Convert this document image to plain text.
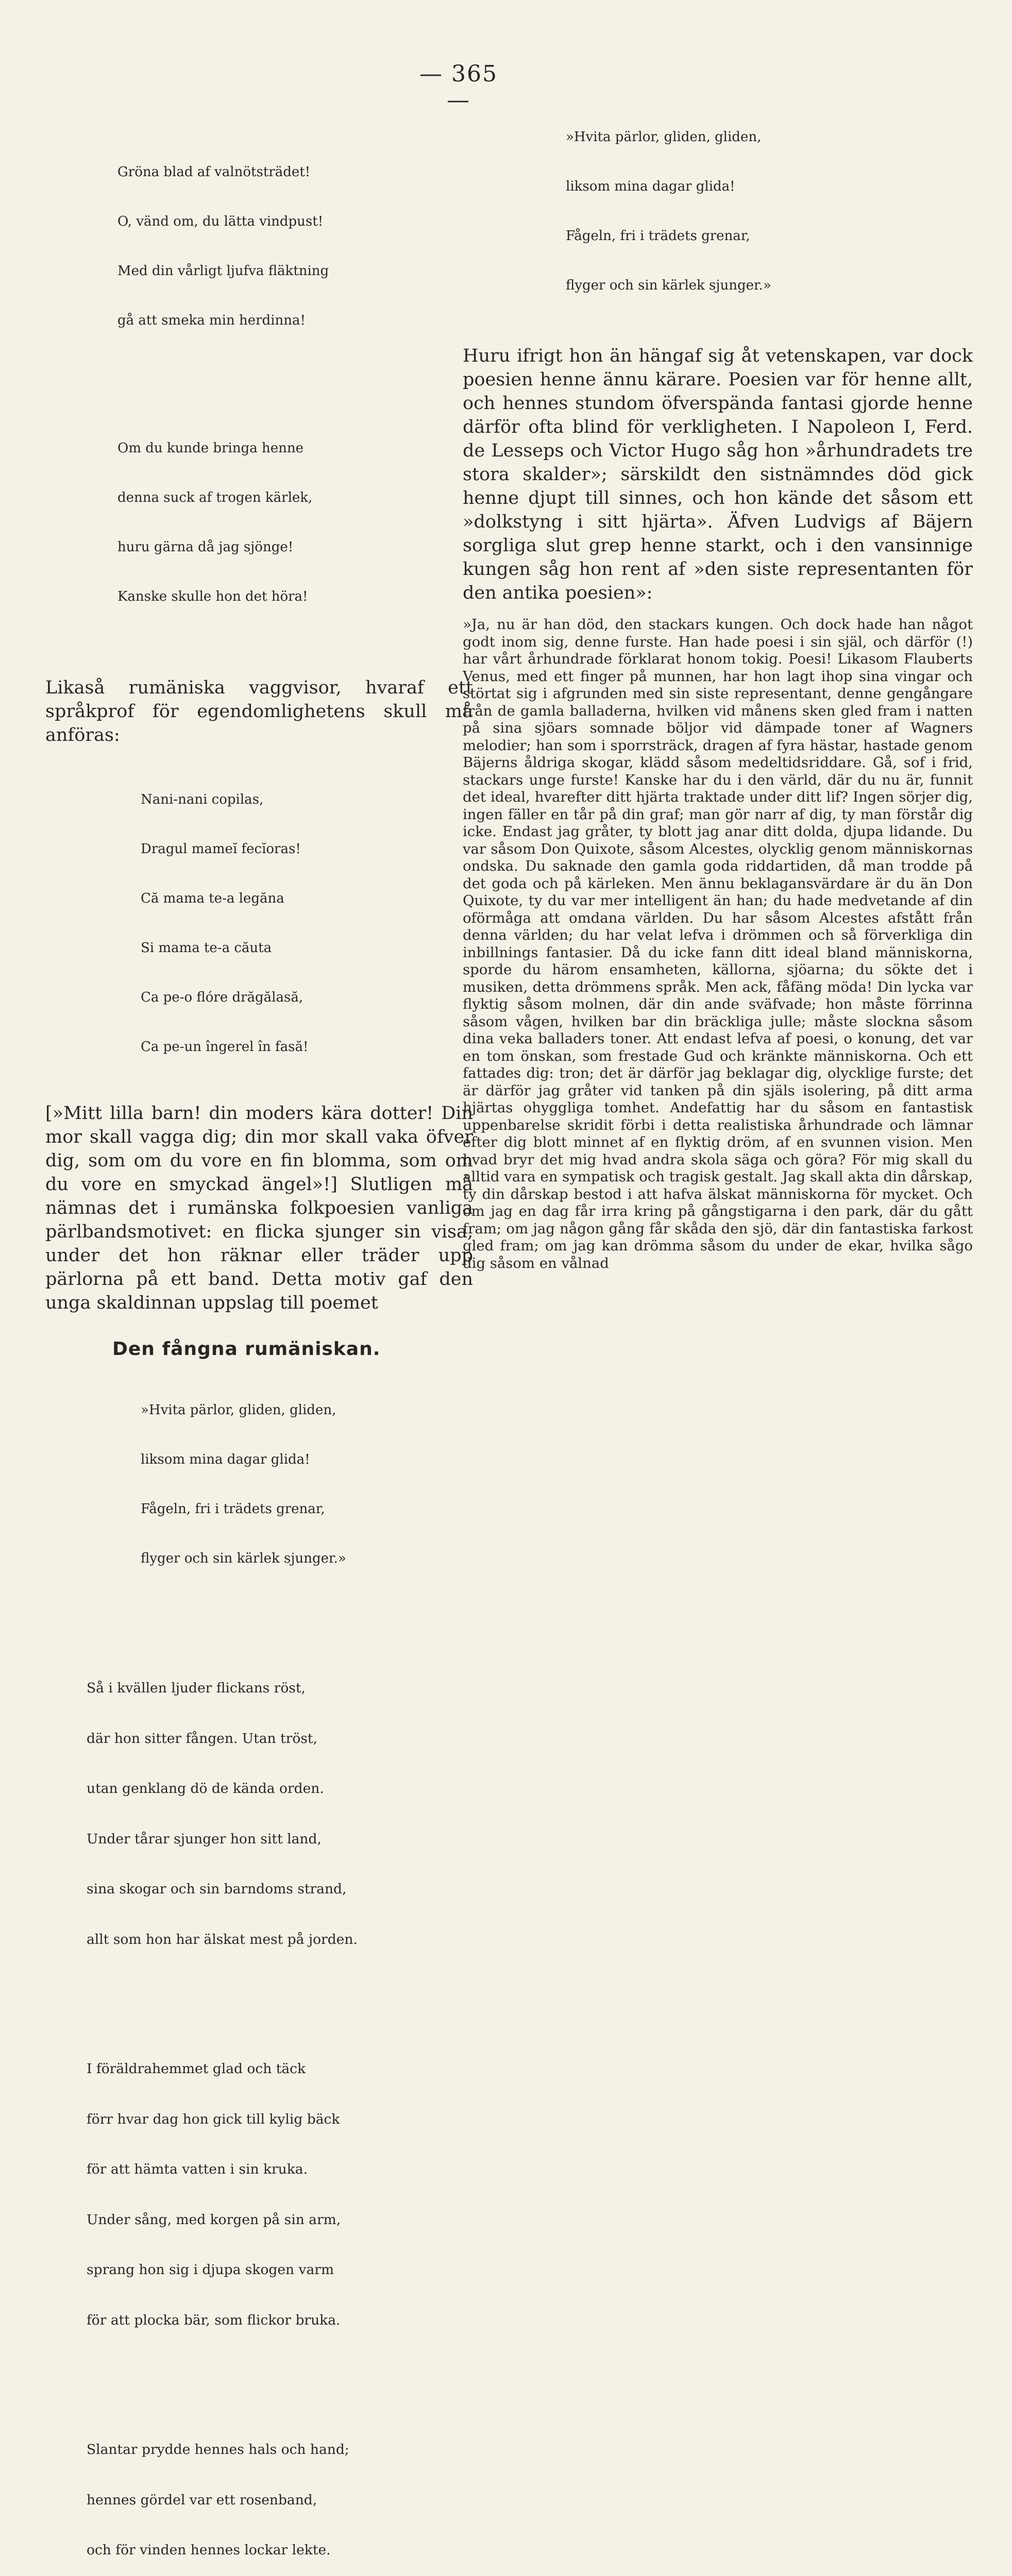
— 365 —

Gröna blad af valnötsträdet!

O, vänd om, du lätta vindpust!

Med din vårligt ljufva fläktning

gå att smeka min herdinna!

Om du kunde bringa henne

denna suck af trogen kärlek,

huru gärna då jag sjönge!

Kanske skulle hon det höra!

Likaså rumäniska vaggvisor, hvaraf ett språkprof för egendomlighetens skull må anföras:

Nani-nani copilas,

Dragul mameĭ fecĭoras!

Că mama te-a legăna

Si mama te-a căuta

Ca pe-o flóre drăgălasă,

Ca pe-un îngerel în fasă!

[»Mitt lilla barn! din moders kära dotter! Din mor skall vagga dig; din mor skall vaka öfver dig, som om du vore en fin blomma, som om du vore en smyckad ängel»!] Slutligen må nämnas det i rumänska folkpoesien vanliga pärlbandsmotivet: en flicka sjunger sin visa, under det hon räknar eller träder upp pärlorna på ett band. Detta motiv gaf den unga skaldinnan uppslag till poemet

Den fångna rumäniskan.

»Hvita pärlor, gliden, gliden,

liksom mina dagar glida!

Fågeln, fri i trädets grenar,

flyger och sin kärlek sjunger.»

Så i kvällen ljuder flickans röst,

där hon sitter fången. Utan tröst,

utan genklang dö de kända orden.

Under tårar sjunger hon sitt land,

sina skogar och sin barndoms strand,

allt som hon har älskat mest på jorden.

I föräldrahemmet glad och täck

förr hvar dag hon gick till kylig bäck

för att hämta vatten i sin kruka.

Under sång, med korgen på sin arm,

sprang hon sig i djupa skogen varm

för att plocka bär, som flickor bruka.

Slantar prydde hennes hals och hand;

hennes gördel var ett rosenband,

och för vinden hennes lockar lekte.

»Hvita pärlor, gliden, gliden,

liksom mina dagar glida!

Fågeln, fri i trädets grenar,

flyger och sin kärlek sjunger.»

Huru ifrigt hon än hängaf sig åt vetenskapen, var dock poesien henne ännu kärare. Poesien var för henne allt, och hennes stundom öfverspända fantasi gjorde henne därför ofta blind för verkligheten. I Napoleon I, Ferd. de Lesseps och Victor Hugo såg hon »århundradets tre stora skalder»; särskildt den sistnämndes död gick henne djupt till sinnes, och hon kände det såsom ett »dolkstyng i sitt hjärta». Äfven Ludvigs af Bäjern sorgliga slut grep henne starkt, och i den vansinnige kungen såg hon rent af »den siste representanten för den antika poesien»:

»Ja, nu är han död, den stackars kungen. Och dock hade han något godt inom sig, denne furste. Han hade poesi i sin själ, och därför (!) har vårt århundrade förklarat honom tokig. Poesi! Likasom Flauberts Venus, med ett finger på munnen, har hon lagt ihop sina vingar och störtat sig i afgrunden med sin siste representant, denne gengångare från de gamla balladerna, hvilken vid månens sken gled fram i natten på sina sjöars somnade böljor vid dämpade toner af Wagners melodier; han som i sporrsträck, dragen af fyra hästar, hastade genom Bäjerns åldriga skogar, klädd såsom medeltidsriddare. Gå, sof i frid, stackars unge furste! Kanske har du i den värld, där du nu är, funnit det ideal, hvarefter ditt hjärta traktade under ditt lif? Ingen sörjer dig, ingen fäller en tår på din graf; man gör narr af dig, ty man förstår dig icke. Endast jag gråter, ty blott jag anar ditt dolda, djupa lidande. Du var såsom Don Quixote, såsom Alcestes, olycklig genom människornas ondska. Du saknade den gamla goda riddartiden, då man trodde på det goda och på kärleken. Men ännu beklagansvärdare är du än Don Quixote, ty du var mer intelligent än han; du hade medvetande af din oförmåga att omdana världen. Du har såsom Alcestes afstått från denna världen; du har velat lefva i drömmen och så förverkliga din inbillnings fantasier. Då du icke fann ditt ideal bland människorna, sporde du härom ensamheten, källorna, sjöarna; du sökte det i musiken, detta drömmens språk. Men ack, fåfäng möda! Din lycka var flyktig såsom molnen, där din ande sväfvade; hon måste förrinna såsom vågen, hvilken bar din bräckliga julle; måste slockna såsom dina veka balladers toner. Att endast lefva af poesi, o konung, det var en tom önskan, som frestade Gud och kränkte människorna. Och ett fattades dig: tron; det är därför jag beklagar dig, olycklige furste; det är därför jag gråter vid tanken på din själs isolering, på ditt arma hjärtas ohyggliga tomhet. Andefattig har du såsom en fantastisk uppenbarelse skridit förbi i detta realistiska århundrade och lämnar efter dig blott minnet af en flyktig dröm, af en svunnen vision. Men hvad bryr det mig hvad andra skola säga och göra? För mig skall du alltid vara en sympatisk och tragisk gestalt. Jag skall akta din dårskap, ty din dårskap bestod i att hafva älskat människorna för mycket. Och om jag en dag får irra kring på gångstigarna i den park, där du gått fram; om jag någon gång får skåda den sjö, där din fantastiska farkost gled fram; om jag kan drömma såsom du under de ekar, hvilka sågo dig såsom en vålnad
